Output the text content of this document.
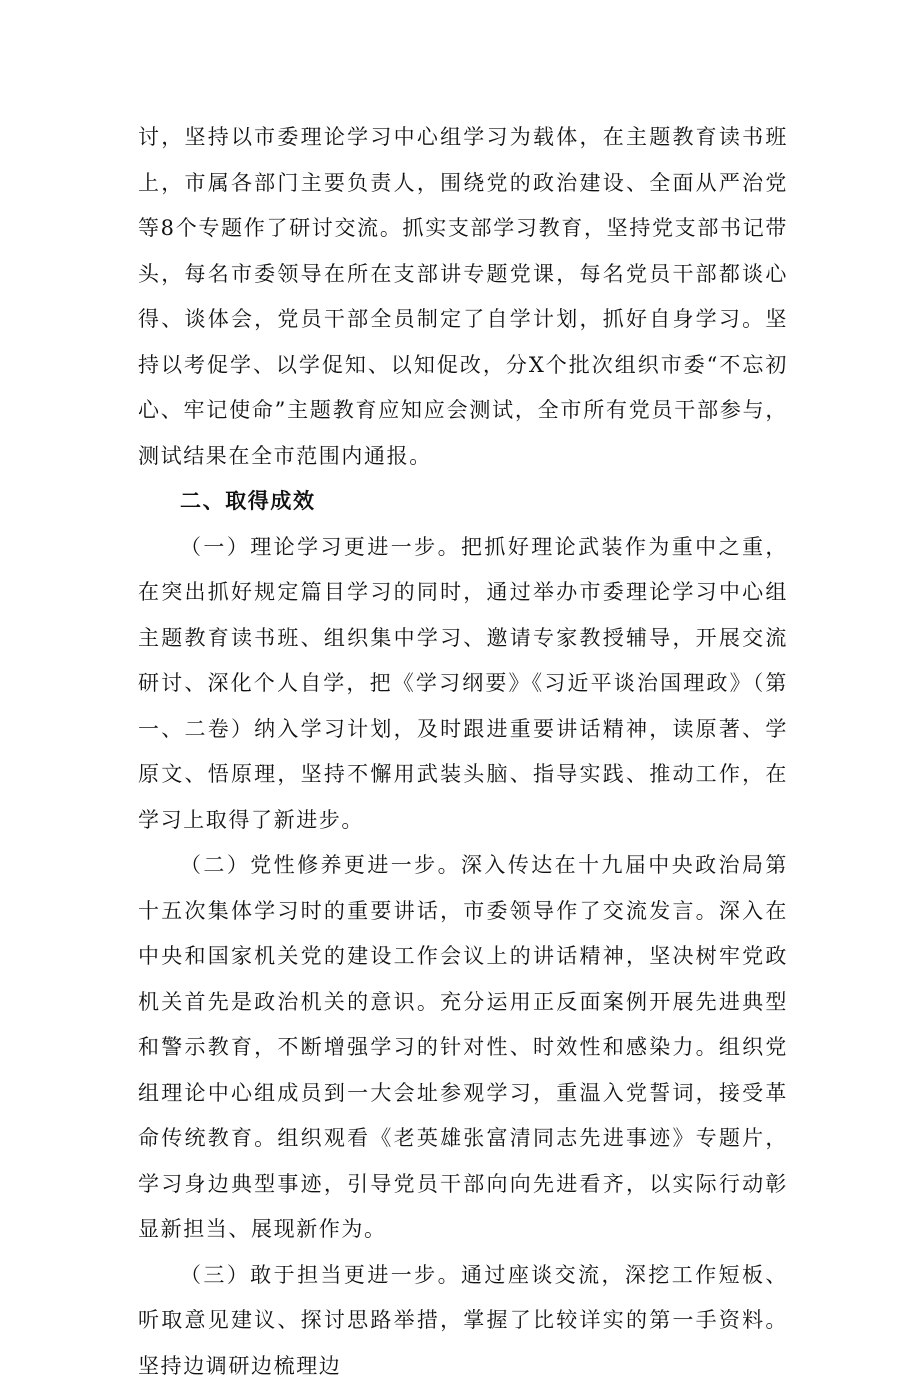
讨，坚持以市委理论学习中心组学习为载体，在主题教育读书班上，市属各部门主要负责人，围绕党的政治建设、全面从严治党等8个专题作了研讨交流。抓实支部学习教育，坚持党支部书记带头，每名市委领导在所在支部讲专题党课，每名党员干部都谈心得、谈体会，党员干部全员制定了自学计划，抓好自身学习。坚持以考促学、以学促知、以知促改，分X个批次组织市委“不忘初心、牢记使命”主题教育应知应会测试，全市所有党员干部参与，测试结果在全市范围内通报。

二、取得成效

（一）理论学习更进一步。把抓好理论武装作为重中之重，在突出抓好规定篇目学习的同时，通过举办市委理论学习中心组主题教育读书班、组织集中学习、邀请专家教授辅导，开展交流研讨、深化个人自学，把《学习纲要》《习近平谈治国理政》（第一、二卷）纳入学习计划，及时跟进重要讲话精神，读原著、学原文、悟原理，坚持不懈用武装头脑、指导实践、推动工作，在学习上取得了新进步。

（二）党性修养更进一步。深入传达在十九届中央政治局第十五次集体学习时的重要讲话，市委领导作了交流发言。深入在中央和国家机关党的建设工作会议上的讲话精神，坚决树牢党政机关首先是政治机关的意识。充分运用正反面案例开展先进典型和警示教育，不断增强学习的针对性、时效性和感染力。组织党组理论中心组成员到一大会址参观学习，重温入党誓词，接受革命传统教育。组织观看《老英雄张富清同志先进事迹》专题片，学习身边典型事迹，引导党员干部向向先进看齐，以实际行动彰显新担当、展现新作为。

（三）敢于担当更进一步。通过座谈交流，深挖工作短板、听取意见建议、探讨思路举措，掌握了比较详实的第一手资料。坚持边调研边梳理边
